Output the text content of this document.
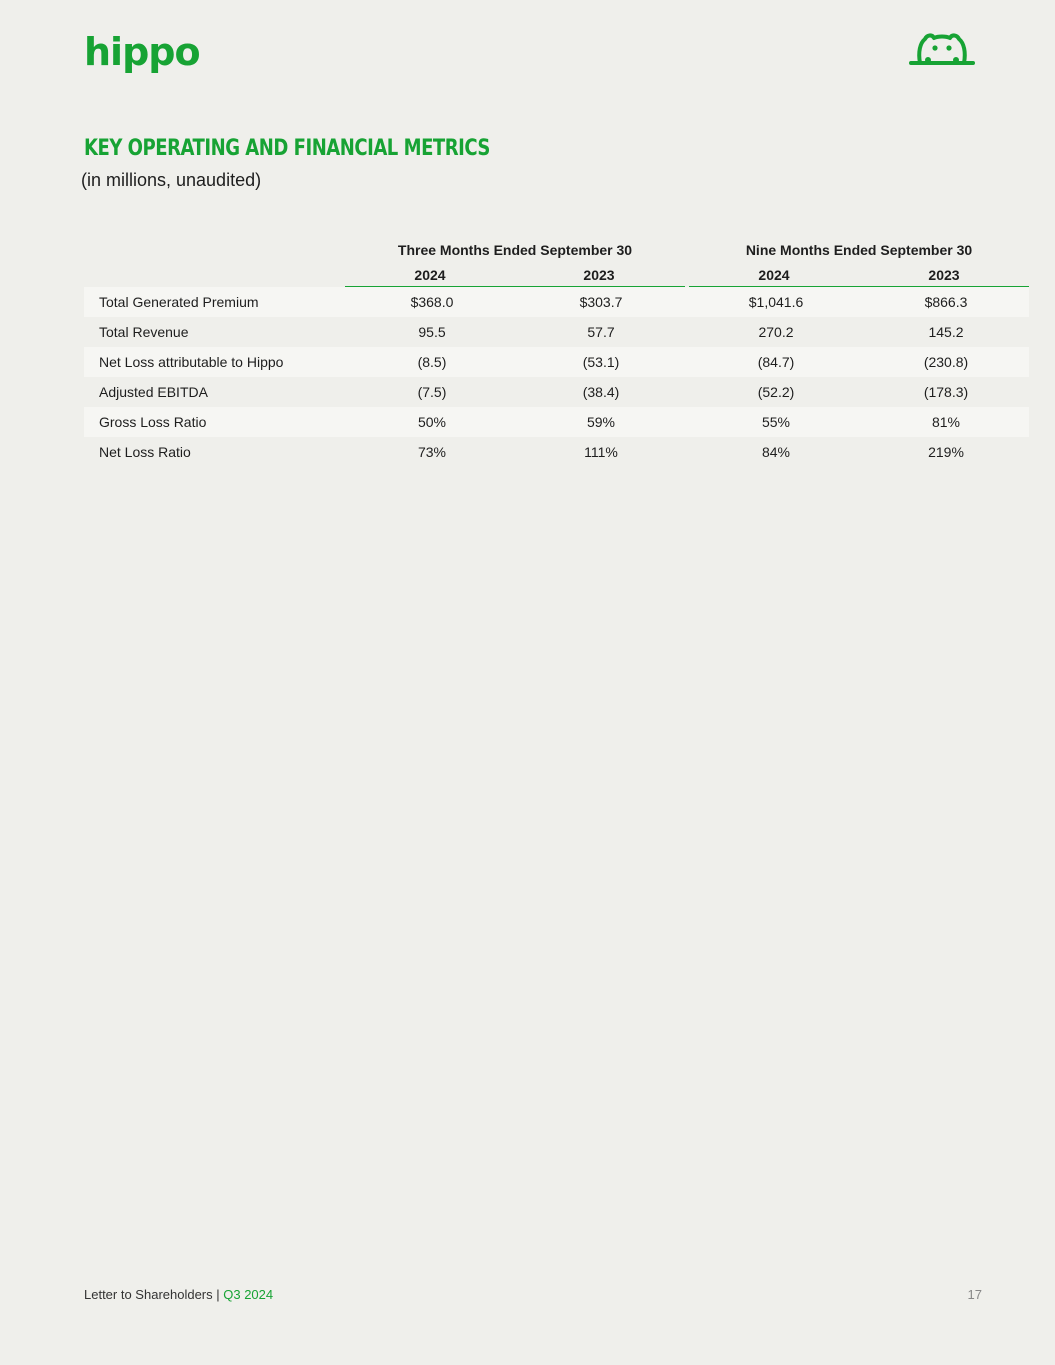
hippo
KEY OPERATING AND FINANCIAL METRICS
(in millions, unaudited)
Three Months Ended September 30	Nine Months Ended September 30
2024	2023	2024	2023
Total Generated Premium	$368.0	$303.7	$1,041.6	$866.3
Total Revenue	95.5	57.7	270.2	145.2
Net Loss attributable to Hippo	(8.5)	(53.1)	(84.7)	(230.8)
Adjusted EBITDA	(7.5)	(38.4)	(52.2)	(178.3)
Gross Loss Ratio	50%	59%	55%	81%
Net Loss Ratio	73%	111%	84%	219%
Letter to Shareholders | Q3 2024	17
